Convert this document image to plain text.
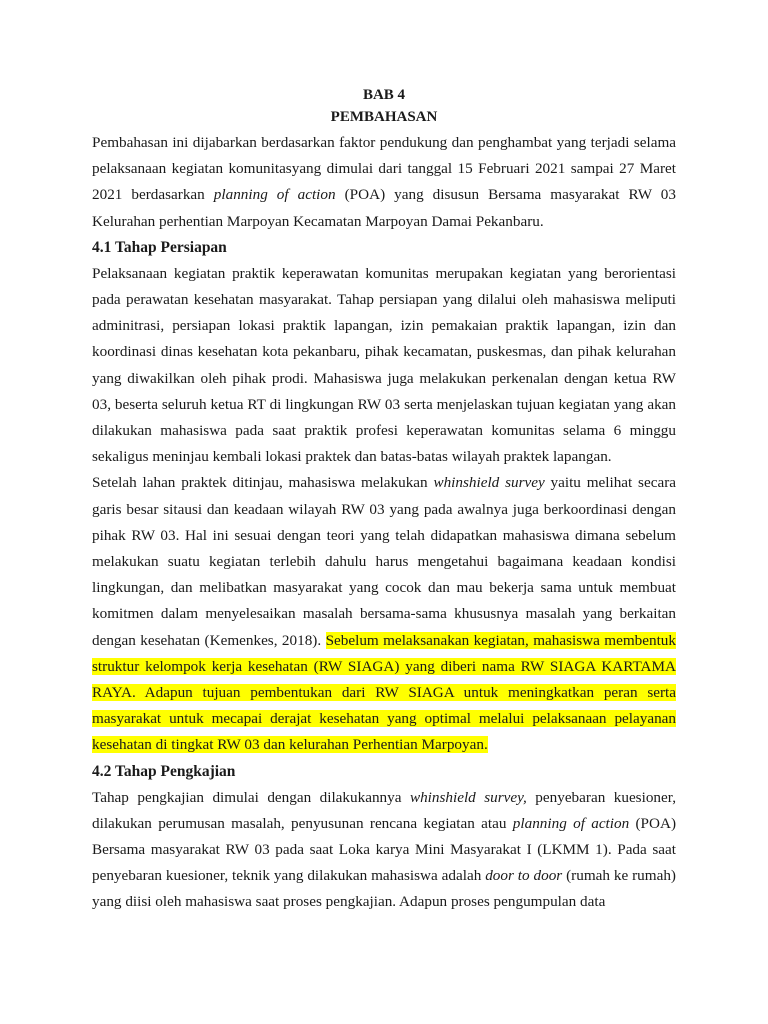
BAB 4

PEMBAHASAN

Pembahasan ini dijabarkan berdasarkan faktor pendukung dan penghambat yang terjadi selama pelaksanaan kegiatan komunitasyang dimulai dari tanggal 15 Februari 2021 sampai 27 Maret 2021 berdasarkan planning of action (POA) yang disusun Bersama masyarakat RW 03 Kelurahan perhentian Marpoyan Kecamatan Marpoyan Damai Pekanbaru.

4.1 Tahap Persiapan

Pelaksanaan kegiatan praktik keperawatan komunitas merupakan kegiatan yang berorientasi pada perawatan kesehatan masyarakat. Tahap persiapan yang dilalui oleh mahasiswa meliputi adminitrasi, persiapan lokasi praktik lapangan, izin pemakaian praktik lapangan, izin dan koordinasi dinas kesehatan kota pekanbaru, pihak kecamatan, puskesmas, dan pihak kelurahan yang diwakilkan oleh pihak prodi. Mahasiswa juga melakukan perkenalan dengan ketua RW 03, beserta seluruh ketua RT di lingkungan RW 03 serta menjelaskan tujuan kegiatan yang akan dilakukan mahasiswa pada saat praktik profesi keperawatan komunitas selama 6 minggu sekaligus meninjau kembali lokasi praktek dan batas-batas wilayah praktek lapangan.

Setelah lahan praktek ditinjau, mahasiswa melakukan whinshield survey yaitu melihat secara garis besar sitausi dan keadaan wilayah RW 03 yang pada awalnya juga berkoordinasi dengan pihak RW 03. Hal ini sesuai dengan teori yang telah didapatkan mahasiswa dimana sebelum melakukan suatu kegiatan terlebih dahulu harus mengetahui bagaimana keadaan kondisi lingkungan, dan melibatkan masyarakat yang cocok dan mau bekerja sama untuk membuat komitmen dalam menyelesaikan masalah bersama-sama khususnya masalah yang berkaitan dengan kesehatan (Kemenkes, 2018). Sebelum melaksanakan kegiatan, mahasiswa membentuk struktur kelompok kerja kesehatan (RW SIAGA) yang diberi nama RW SIAGA KARTAMA RAYA. Adapun tujuan pembentukan dari RW SIAGA untuk meningkatkan peran serta masyarakat untuk mecapai derajat kesehatan yang optimal melalui pelaksanaan pelayanan kesehatan di tingkat RW 03 dan kelurahan Perhentian Marpoyan.

4.2 Tahap Pengkajian

Tahap pengkajian dimulai dengan dilakukannya whinshield survey, penyebaran kuesioner, dilakukan perumusan masalah, penyusunan rencana kegiatan atau planning of action (POA) Bersama masyarakat RW 03 pada saat Loka karya Mini Masyarakat I (LKMM 1). Pada saat penyebaran kuesioner, teknik yang dilakukan mahasiswa adalah door to door (rumah ke rumah) yang diisi oleh mahasiswa saat proses pengkajian. Adapun proses pengumpulan data
